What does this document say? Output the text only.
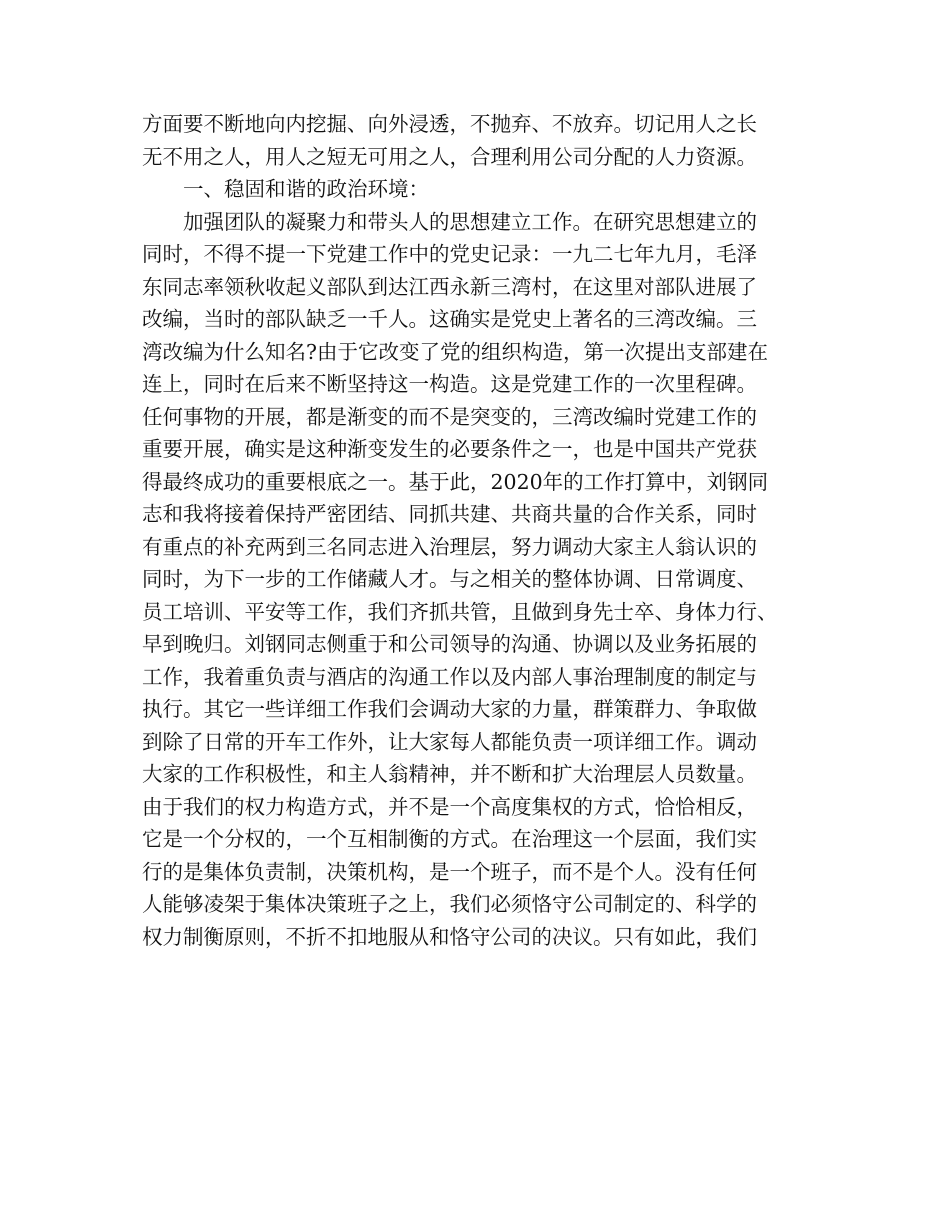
方面要不断地向内挖掘、向外浸透，不抛弃、不放弃。切记用人之长

无不用之人，用人之短无可用之人，合理利用公司分配的人力资源。

一、稳固和谐的政治环境：

加强团队的凝聚力和带头人的思想建立工作。在研究思想建立的

同时，不得不提一下党建工作中的党史记录：一九二七年九月，毛泽

东同志率领秋收起义部队到达江西永新三湾村，在这里对部队进展了

改编，当时的部队缺乏一千人。这确实是党史上著名的三湾改编。三

湾改编为什么知名?由于它改变了党的组织构造，第一次提出支部建在

连上，同时在后来不断坚持这一构造。这是党建工作的一次里程碑。

任何事物的开展，都是渐变的而不是突变的，三湾改编时党建工作的

重要开展，确实是这种渐变发生的必要条件之一，也是中国共产党获

得最终成功的重要根底之一。基于此，2020年的工作打算中，刘钢同

志和我将接着保持严密团结、同抓共建、共商共量的合作关系，同时

有重点的补充两到三名同志进入治理层，努力调动大家主人翁认识的

同时，为下一步的工作储藏人才。与之相关的整体协调、日常调度、

员工培训、平安等工作，我们齐抓共管，且做到身先士卒、身体力行、

早到晚归。刘钢同志侧重于和公司领导的沟通、协调以及业务拓展的

工作，我着重负责与酒店的沟通工作以及内部人事治理制度的制定与

执行。其它一些详细工作我们会调动大家的力量，群策群力、争取做

到除了日常的开车工作外，让大家每人都能负责一项详细工作。调动

大家的工作积极性，和主人翁精神，并不断和扩大治理层人员数量。

由于我们的权力构造方式，并不是一个高度集权的方式，恰恰相反，

它是一个分权的，一个互相制衡的方式。在治理这一个层面，我们实

行的是集体负责制，决策机构，是一个班子，而不是个人。没有任何

人能够凌架于集体决策班子之上，我们必须恪守公司制定的、科学的

权力制衡原则，不折不扣地服从和恪守公司的决议。只有如此，我们
